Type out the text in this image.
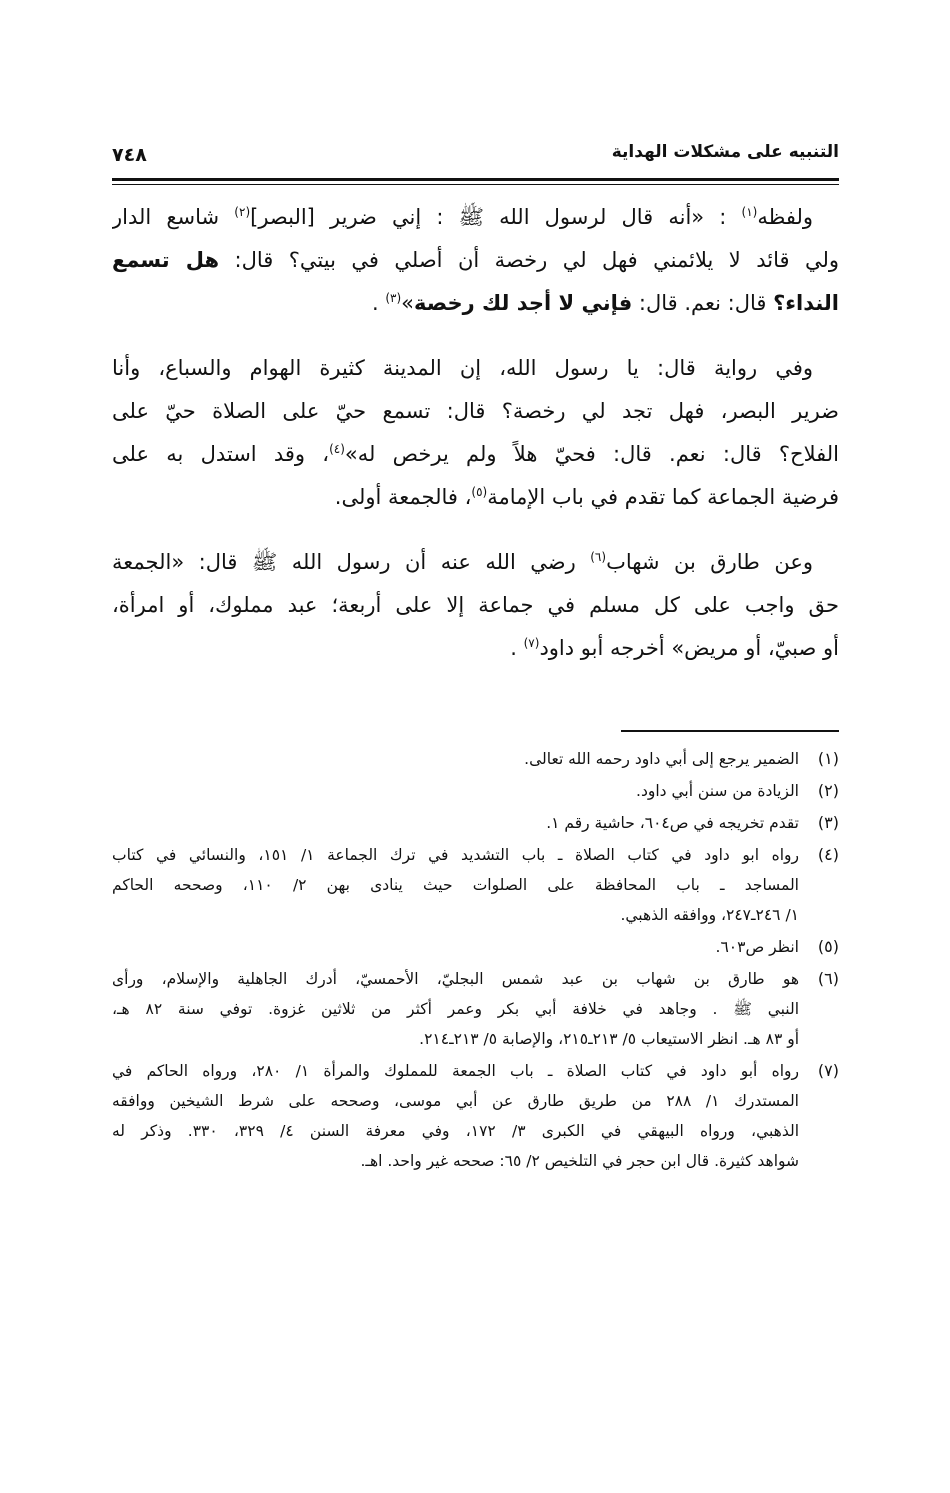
التنبيه على مشكلات الهداية
٧٤٨
ولفظه$^{(١)}$ : «أنه قال لرسول الله ﷺ : إني ضرير [البصر]$^{(٢)}$ شاسع الدار
ولي قائد لا يلائمني فهل لي رخصة أن أصلي في بيتي؟ قال: هل تسمع
النداء؟ قال: نعم. قال: فإني لا أجد لك رخصة»$^{(٣)}$ .
وفي رواية قال: يا رسول الله، إن المدينة كثيرة الهوام والسباع، وأنا
ضرير البصر، فهل تجد لي رخصة؟ قال: تسمع حيّ على الصلاة حيّ على
الفلاح؟ قال: نعم. قال: فحيّ هلاً ولم يرخص له»$^{(٤)}$، وقد استدل به على
فرضية الجماعة كما تقدم في باب الإمامة$^{(٥)}$، فالجمعة أولى.
وعن طارق بن شهاب$^{(٦)}$ رضي الله عنه أن رسول الله ﷺ قال: «الجمعة
حق واجب على كل مسلم في جماعة إلا على أربعة؛ عبد مملوك، أو امرأة،
أو صبيّ، أو مريض» أخرجه أبو داود$^{(٧)}$ .
(١)
الضمير يرجع إلى أبي داود رحمه الله تعالى.
(٢)
الزيادة من سنن أبي داود.
(٣)
تقدم تخريجه في ص٦٠٤، حاشية رقم ١.
(٤)
رواه ابو داود في كتاب الصلاة ـ باب التشديد في ترك الجماعة ١/ ١٥١، والنسائي في كتاب
المساجد ـ باب المحافظة على الصلوات حيث ينادى بهن ٢/ ١١٠، وصححه الحاكم
١/ ٢٤٦ـ٢٤٧، ووافقه الذهبي.
(٥)
انظر ص٦٠٣.
(٦)
هو طارق بن شهاب بن عبد شمس البجليّ، الأحمسيّ، أدرك الجاهلية والإسلام، ورأى
النبي ﷺ . وجاهد في خلافة أبي بكر وعمر أكثر من ثلاثين غزوة. توفي سنة ٨٢ هـ،
أو ٨٣ هـ. انظر الاستيعاب ٥/ ٢١٣ـ٢١٥، والإصابة ٥/ ٢١٣ـ٢١٤.
(٧)
رواه أبو داود في كتاب الصلاة ـ باب الجمعة للمملوك والمرأة ١/ ٢٨٠، ورواه الحاكم في
المستدرك ١/ ٢٨٨ من طريق طارق عن أبي موسى، وصححه على شرط الشيخين ووافقه
الذهبي، ورواه البيهقي في الكبرى ٣/ ١٧٢، وفي معرفة السنن ٤/ ٣٢٩، ٣٣٠. وذكر له
شواهد كثيرة. قال ابن حجر في التلخيص ٢/ ٦٥: صححه غير واحد. اهـ.
